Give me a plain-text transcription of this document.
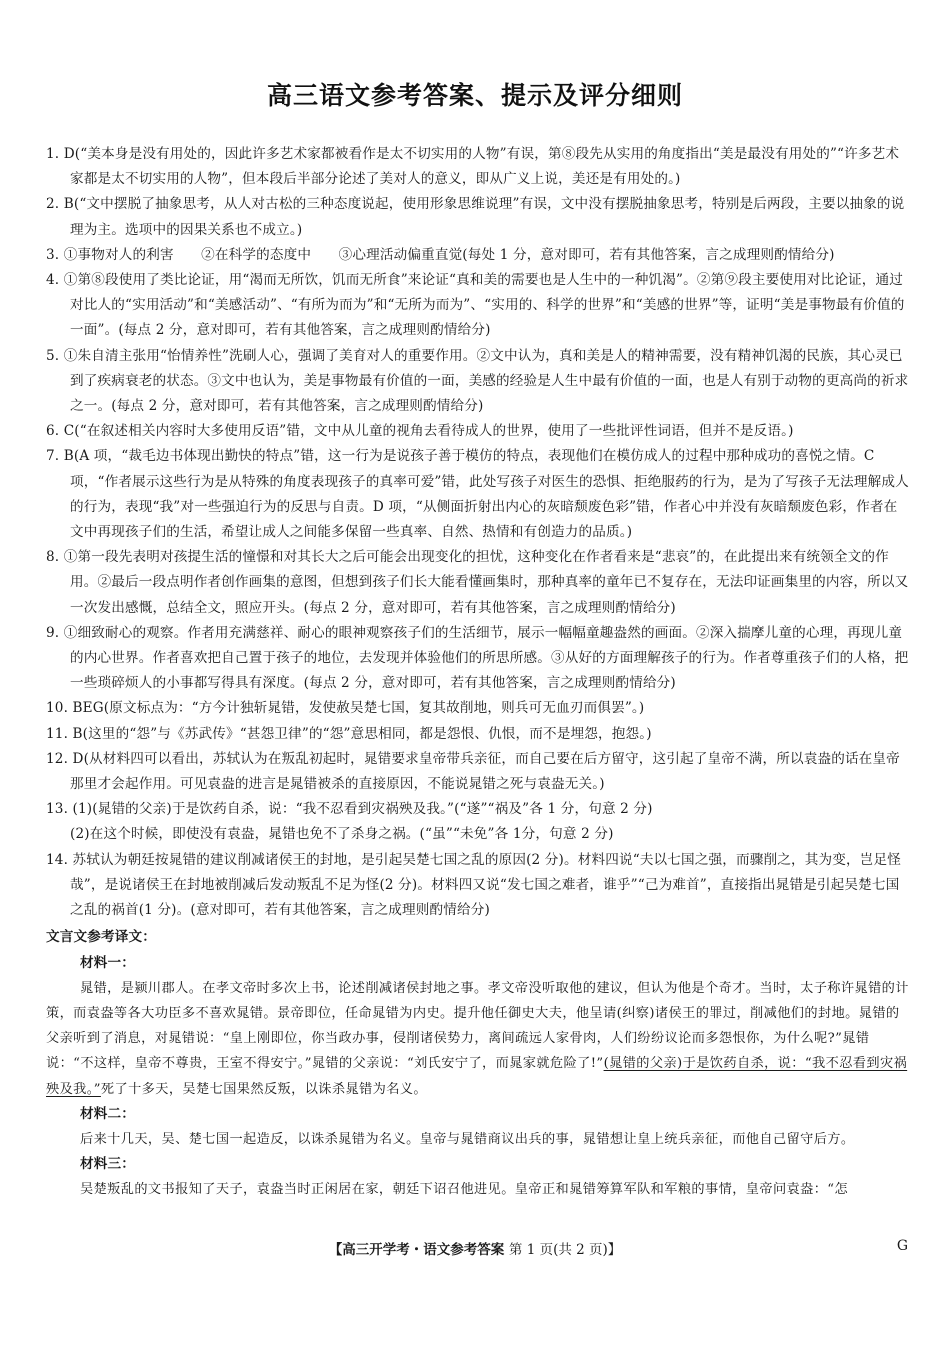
高三语文参考答案、提示及评分细则
1. D(“美本身是没有用处的，因此许多艺术家都被看作是太不切实用的人物”有误，第⑧段先从实用的角度指出“美是最没有用处的”“许多艺术家都是太不切实用的人物”，但本段后半部分论述了美对人的意义，即从广义上说，美还是有用处的。)
2. B(“文中摆脱了抽象思考，从人对古松的三种态度说起，使用形象思维说理”有误，文中没有摆脱抽象思考，特别是后两段，主要以抽象的说理为主。选项中的因果关系也不成立。)
3. ①事物对人的利害　　②在科学的态度中　　③心理活动偏重直觉(每处 1 分，意对即可，若有其他答案，言之成理则酌情给分)
4. ①第⑧段使用了类比论证，用“渴而无所饮，饥而无所食”来论证“真和美的需要也是人生中的一种饥渴”。②第⑨段主要使用对比论证，通过对比人的“实用活动”和“美感活动”、“有所为而为”和“无所为而为”、“实用的、科学的世界”和“美感的世界”等，证明“美是事物最有价值的一面”。(每点 2 分，意对即可，若有其他答案，言之成理则酌情给分)
5. ①朱自清主张用“怡情养性”洗刷人心，强调了美育对人的重要作用。②文中认为，真和美是人的精神需要，没有精神饥渴的民族，其心灵已到了疾病衰老的状态。③文中也认为，美是事物最有价值的一面，美感的经验是人生中最有价值的一面，也是人有别于动物的更高尚的祈求之一。(每点 2 分，意对即可，若有其他答案，言之成理则酌情给分)
6. C(“在叙述相关内容时大多使用反语”错，文中从儿童的视角去看待成人的世界，使用了一些批评性词语，但并不是反语。)
7. B(A 项，“裁毛边书体现出勤快的特点”错，这一行为是说孩子善于模仿的特点，表现他们在模仿成人的过程中那种成功的喜悦之情。C 项，“作者展示这些行为是从特殊的角度表现孩子的真率可爱”错，此处写孩子对医生的恐惧、拒绝服药的行为，是为了写孩子无法理解成人的行为，表现“我”对一些强迫行为的反思与自责。D 项，“从侧面折射出内心的灰暗颓废色彩”错，作者心中并没有灰暗颓废色彩，作者在文中再现孩子们的生活，希望让成人之间能多保留一些真率、自然、热情和有创造力的品质。)
8. ①第一段先表明对孩提生活的憧憬和对其长大之后可能会出现变化的担忧，这种变化在作者看来是“悲哀”的，在此提出来有统领全文的作用。②最后一段点明作者创作画集的意图，但想到孩子们长大能看懂画集时，那种真率的童年已不复存在，无法印证画集里的内容，所以又一次发出感慨，总结全文，照应开头。(每点 2 分，意对即可，若有其他答案，言之成理则酌情给分)
9. ①细致耐心的观察。作者用充满慈祥、耐心的眼神观察孩子们的生活细节，展示一幅幅童趣盎然的画面。②深入揣摩儿童的心理，再现儿童的内心世界。作者喜欢把自己置于孩子的地位，去发现并体验他们的所思所感。③从好的方面理解孩子的行为。作者尊重孩子们的人格，把一些琐碎烦人的小事都写得具有深度。(每点 2 分，意对即可，若有其他答案，言之成理则酌情给分)
10. BEG(原文标点为：“方今计独斩晁错，发使赦吴楚七国，复其故削地，则兵可无血刃而俱罢”。)
11. B(这里的“怨”与《苏武传》“甚怨卫律”的“怨”意思相同，都是怨恨、仇恨，而不是埋怨，抱怨。)
12. D(从材料四可以看出，苏轼认为在叛乱初起时，晁错要求皇帝带兵亲征，而自己要在后方留守，这引起了皇帝不满，所以袁盎的话在皇帝那里才会起作用。可见袁盎的进言是晁错被杀的直接原因，不能说晁错之死与袁盎无关。)
13. (1)(晁错的父亲)于是饮药自杀，说：“我不忍看到灾祸殃及我。”(“遂”“祸及”各 1 分，句意 2 分)
(2)在这个时候，即使没有袁盎，晁错也免不了杀身之祸。(“虽”“未免”各 1分，句意 2 分)
14. 苏轼认为朝廷按晁错的建议削减诸侯王的封地，是引起吴楚七国之乱的原因(2 分)。材料四说“夫以七国之强，而骤削之，其为变，岂足怪哉”，是说诸侯王在封地被削减后发动叛乱不足为怪(2 分)。材料四又说“发七国之难者，谁乎”“己为难首”，直接指出晁错是引起吴楚七国之乱的祸首(1 分)。(意对即可，若有其他答案，言之成理则酌情给分)
文言文参考译文：
材料一：
晁错，是颍川郡人。在孝文帝时多次上书，论述削减诸侯封地之事。孝文帝没听取他的建议，但认为他是个奇才。当时，太子称许晁错的计策，而袁盎等各大功臣多不喜欢晁错。景帝即位，任命晁错为内史。提升他任御史大夫，他呈请(纠察)诸侯王的罪过，削减他们的封地。晁错的父亲听到了消息，对晁错说：“皇上刚即位，你当政办事，侵削诸侯势力，离间疏远人家骨肉，人们纷纷议论而多怨恨你，为什么呢?”晁错说：“不这样，皇帝不尊贵，王室不得安宁。”晁错的父亲说：“刘氏安宁了，而晁家就危险了!”(晁错的父亲)于是饮药自杀，说：“我不忍看到灾祸殃及我。”死了十多天，吴楚七国果然反叛，以诛杀晁错为名义。
材料二：
后来十几天，吴、楚七国一起造反，以诛杀晁错为名义。皇帝与晁错商议出兵的事，晁错想让皇上统兵亲征，而他自己留守后方。
材料三：
吴楚叛乱的文书报知了天子，袁盎当时正闲居在家，朝廷下诏召他进见。皇帝正和晁错筹算军队和军粮的事情，皇帝问袁盎：“怎
【高三开学考・语文参考答案 第 1 页(共 2 页)】	G
